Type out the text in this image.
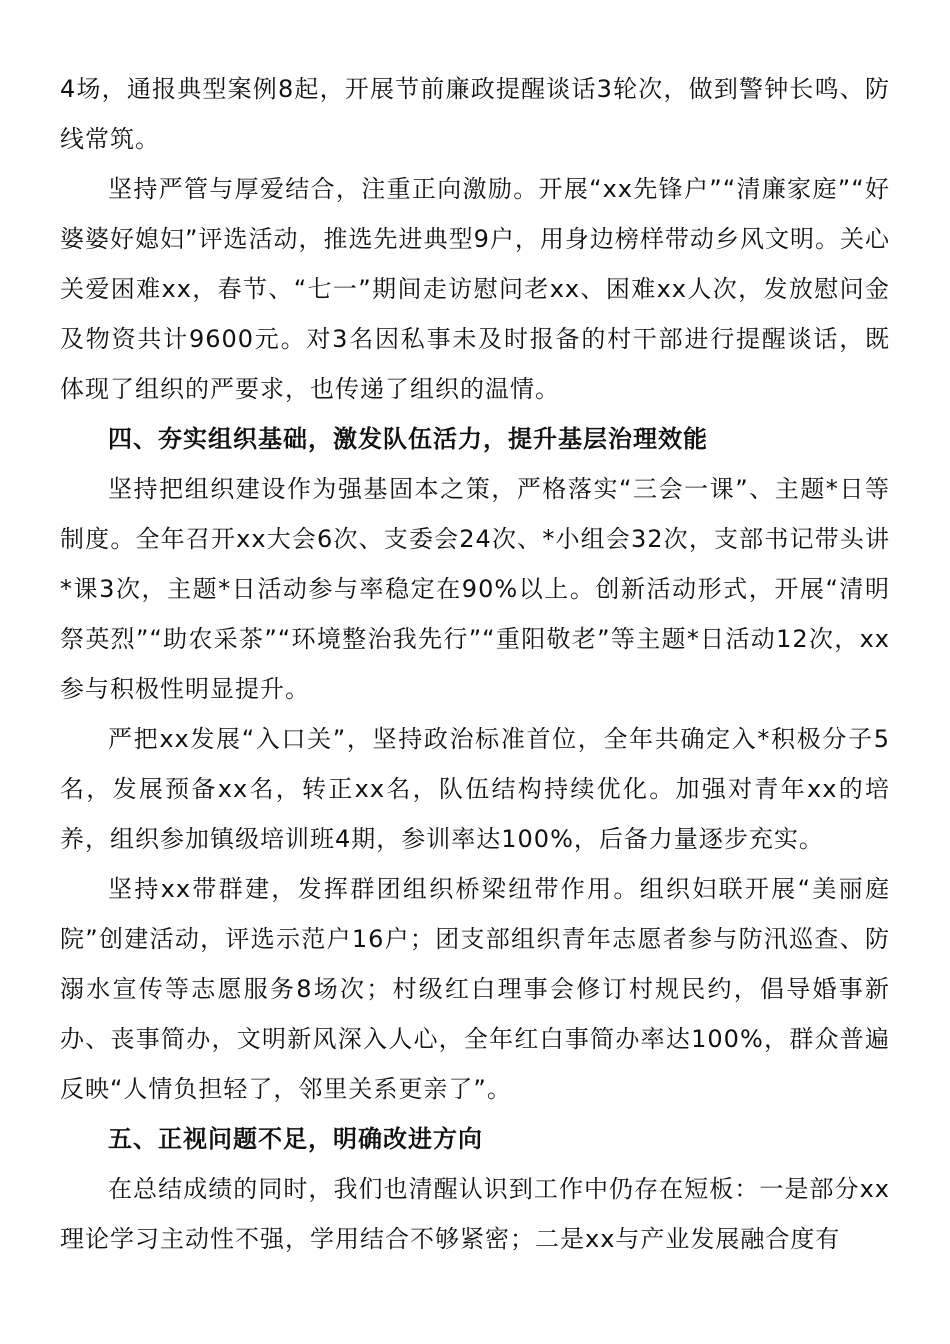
4场，通报典型案例8起，开展节前廉政提醒谈话3轮次，做到警钟长鸣、防线常筑。

坚持严管与厚爱结合，注重正向激励。开展“xx先锋户”“清廉家庭”“好婆婆好媳妇”评选活动，推选先进典型9户，用身边榜样带动乡风文明。关心关爱困难xx，春节、“七一”期间走访慰问老xx、困难xx人次，发放慰问金及物资共计9600元。对3名因私事未及时报备的村干部进行提醒谈话，既体现了组织的严要求，也传递了组织的温情。

四、夯实组织基础，激发队伍活力，提升基层治理效能

坚持把组织建设作为强基固本之策，严格落实“三会一课”、主题*日等制度。全年召开xx大会6次、支委会24次、*小组会32次，支部书记带头讲*课3次，主题*日活动参与率稳定在90%以上。创新活动形式，开展“清明祭英烈”“助农采茶”“环境整治我先行”“重阳敬老”等主题*日活动12次，xx参与积极性明显提升。

严把xx发展“入口关”，坚持政治标准首位，全年共确定入*积极分子5名，发展预备xx名，转正xx名，队伍结构持续优化。加强对青年xx的培养，组织参加镇级培训班4期，参训率达100%，后备力量逐步充实。

坚持xx带群建，发挥群团组织桥梁纽带作用。组织妇联开展“美丽庭院”创建活动，评选示范户16户；团支部组织青年志愿者参与防汛巡查、防溺水宣传等志愿服务8场次；村级红白理事会修订村规民约，倡导婚事新办、丧事简办，文明新风深入人心，全年红白事简办率达100%，群众普遍反映“人情负担轻了，邻里关系更亲了”。

五、正视问题不足，明确改进方向

在总结成绩的同时，我们也清醒认识到工作中仍存在短板：一是部分xx理论学习主动性不强，学用结合不够紧密；二是xx与产业发展融合度有
